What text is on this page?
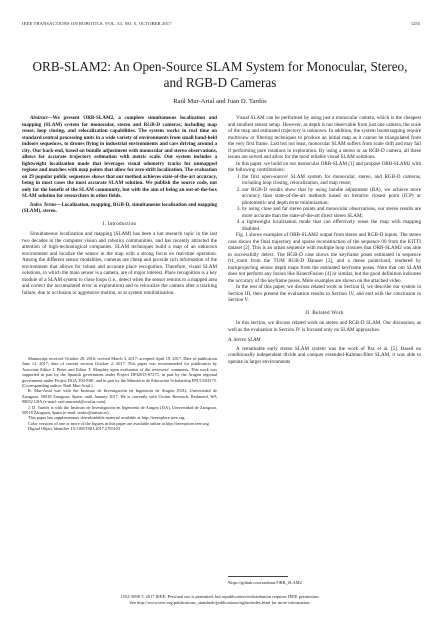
IEEE TRANSACTIONS ON ROBOTICS, VOL. 33, NO. 5, OCTOBER 2017	1255
ORB-SLAM2: An Open-Source SLAM System for Monocular, Stereo,
and RGB-D Cameras
Raúl Mur-Artal and Juan D. Tardós

Abstract—We present ORB-SLAM2, a complete simultaneous localization and mapping (SLAM) system for monocular, stereo and RGB-D cameras, including map reuse, loop closing, and relocalization capabilities. The system works in real time on standard central processing units in a wide variety of environments from small hand-held indoors sequences, to drones flying in industrial environments and cars driving around a city. Our back-end, based on bundle adjustment with monocular and stereo observations, allows for accurate trajectory estimation with metric scale. Our system includes a lightweight localization mode that leverages visual odometry tracks for unmapped regions and matches with map points that allow for zero-drift localization. The evaluation on 29 popular public sequences shows that our method achieves state-of-the-art accuracy, being in most cases the most accurate SLAM solution. We publish the source code, not only for the benefit of the SLAM community, but with the aim of being an out-of-the-box SLAM solution for researchers in other fields.

Index Terms—Localization, mapping, RGB-D, simultaneous localization and mapping (SLAM), stereo.

I. Introduction

Simultaneous localization and mapping (SLAM) has been a hot research topic in the last two decades in the computer vision and robotics communities, and has recently attracted the attention of high-technological companies. SLAM techniques build a map of an unknown environment and localize the sensor in the map with a strong focus on real-time operation. Among the different sensor modalities, cameras are cheap and provide rich information of the environment that allows for robust and accurate place recognition. Therefore, visual SLAM solutions, in which the main sensor is a camera, are of major interest. Place recognition is a key module of a SLAM system to close loops (i.e., detect when the sensor returns to a mapped area and correct the accumulated error in exploration) and to relocalize the camera after a tracking failure, due to occlusion or aggressive motion, or at system reinitialization.

Manuscript received October 20, 2016; revised March 3, 2017; accepted April 19, 2017. Date of publication June 12, 2017; date of current version October 2, 2017. This paper was recommended for publication by Associate Editor J. Pieter and Editor T. Murphey upon evaluation of the reviewers' comments. This work was supported in part by the Spanish government under Project DPI2015-67275, in part by the Aragón regional government under Project DGA T04-FSE, and in part by the Ministerio de Educación Scholarship FPU13/04175. (Corresponding author: Raúl Mur-Artal.)

R. Mur-Artal was with the Instituto de Investigación en Ingeniería de Aragón (I3A), Universidad de Zaragoza, 50018 Zaragoza, Spain, until January 2017. He is currently with Oculus Research, Redmond, WA 98052 USA (e-mail: raul.murartal@oculus.com).

J. D. Tardós is with the Instituto de Investigación en Ingeniería de Aragón (I3A), Universidad de Zaragoza, 50018 Zaragoza, Spain (e-mail: tardos@unizar.es).

This paper has supplementary downloadable material available at http://ieeexplore.ieee.org.

Color versions of one or more of the figures in this paper are available online at http://ieeexplore.ieee.org.

Digital Object Identifier 10.1109/TRO.2017.2705103

Visual SLAM can be performed by using just a monocular camera, which is the cheapest and smallest sensor setup. However, as depth is not observable from just one camera, the scale of the map and estimated trajectory is unknown. In addition, the system bootstrapping require multiview or filtering techniques to produce an initial map as it cannot be triangulated from the very first frame. Last but not least, monocular SLAM suffers from scale drift and may fail if performing pure rotations in exploration. By using a stereo or an RGB-D camera, all these issues are solved and allow for the most reliable visual SLAM solutions.

In this paper, we build on our monocular ORB-SLAM [1] and propose ORB-SLAM2 with the following contributions:

1. the first open-source¹ SLAM system for monocular, stereo, and RGB-D cameras, including loop closing, relocalization, and map reuse;
2. our RGB-D results show that by using bundle adjustment (BA), we achieve more accuracy than state-of-the-art methods based on iterative closest point (ICP) or photometric and depth error minimization;
3. by using close and far stereo points and monocular observations, our stereo results are more accurate than the state-of-the-art direct stereo SLAM;
4. a lightweight localization mode that can effectively reuse the map with mapping disabled.

Fig. 1 shows examples of ORB-SLAM2 output from stereo and RGB-D inputs. The stereo case shows the final trajectory and sparse reconstruction of the sequence 00 from the KITTI dataset [2]. This is an urban sequence with multiple loop closures that ORB-SLAM2 was able to successfully detect. The RGB-D case shows the keyframe poses estimated in sequence fr1_room from the TUM RGB-D Dataset [3], and a dense pointcloud, rendered by backprojecting sensor depth maps from the estimated keyframe poses. Note that our SLAM does not perform any fusion like KinectFusion [4] or similar, but the good definition indicates the accuracy of the keyframe poses. More examples are shown on the attached video.

In the rest of this paper, we discuss related work in Section II, we describe our system in Section III, then present the evaluation results in Section IV, and end with the conclusion in Section V.

II. Related Work

In this section, we discuss related work on stereo and RGB-D SLAM. Our discussion, as well as the evaluation in Section IV is focused only on SLAM approaches.

A. Stereo SLAM

A remarkable early stereo SLAM system was the work of Paz et al. [5]. Based on conditionally independent divide and conquer extended-Kalman-filter SLAM, it was able to operate in larger environments

¹https://github.com/raulmur/ORB_SLAM2
1552-3098 © 2017 IEEE. Personal use is permitted, but republication/redistribution requires IEEE permission.
See http://www.ieee.org/publications_standards/publications/rights/index.html for more information.
